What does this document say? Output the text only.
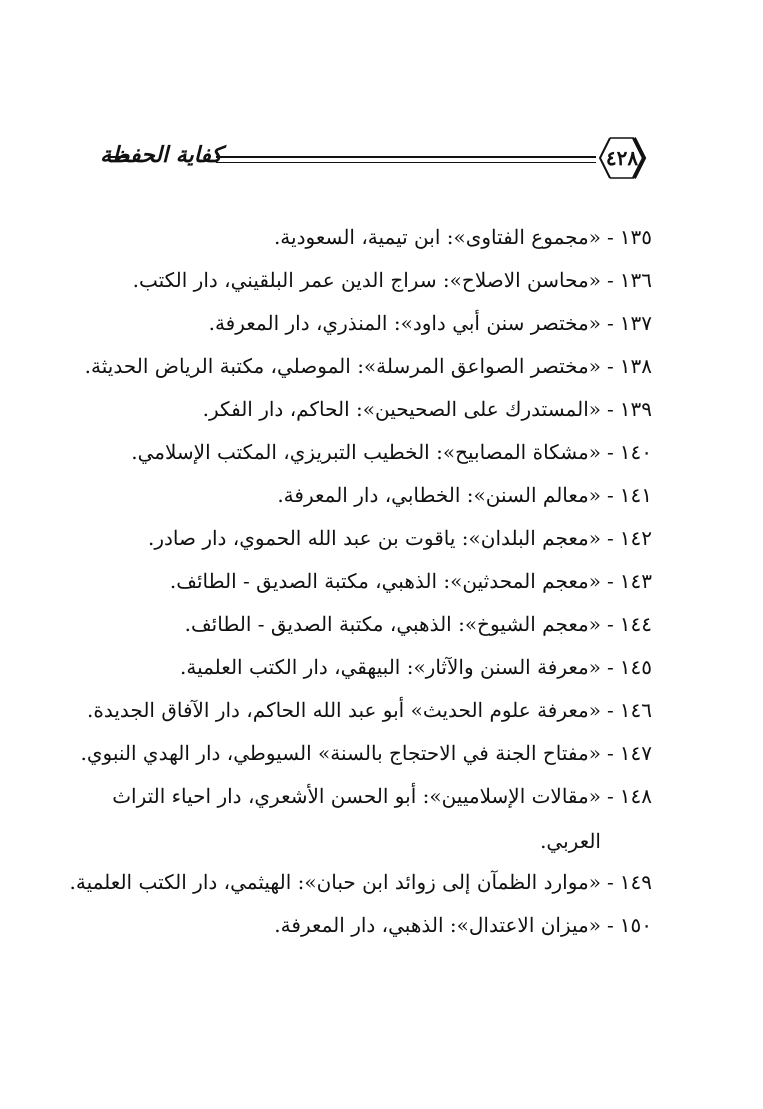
كفاية الحفظة	٤٢٨
١٣٥
-
«مجموع الفتاوى»: ابن تيمية، السعودية.
١٣٦
-
«محاسن الاصلاح»: سراج الدين عمر البلقيني، دار الكتب.
١٣٧
-
«مختصر سنن أبي داود»: المنذري، دار المعرفة.
١٣٨
-
«مختصر الصواعق المرسلة»: الموصلي، مكتبة الرياض الحديثة.
١٣٩
-
«المستدرك على الصحيحين»: الحاكم، دار الفكر.
١٤٠
-
«مشكاة المصابيح»: الخطيب التبريزي، المكتب الإسلامي.
١٤١
-
«معالم السنن»: الخطابي، دار المعرفة.
١٤٢
-
«معجم البلدان»: ياقوت بن عبد الله الحموي، دار صادر.
١٤٣
-
«معجم المحدثين»: الذهبي، مكتبة الصديق - الطائف.
١٤٤
-
«معجم الشيوخ»: الذهبي، مكتبة الصديق - الطائف.
١٤٥
-
«معرفة السنن والآثار»: البيهقي، دار الكتب العلمية.
١٤٦
-
«معرفة علوم الحديث» أبو عبد الله الحاكم، دار الآفاق الجديدة.
١٤٧
-
«مفتاح الجنة في الاحتجاج بالسنة» السيوطي، دار الهدي النبوي.
١٤٨
-
«مقالات الإسلاميين»: أبو الحسن الأشعري، دار احياء التراث
العربي.
١٤٩
-
«موارد الظمآن إلى زوائد ابن حبان»: الهيثمي، دار الكتب العلمية.
١٥٠
-
«ميزان الاعتدال»: الذهبي، دار المعرفة.
